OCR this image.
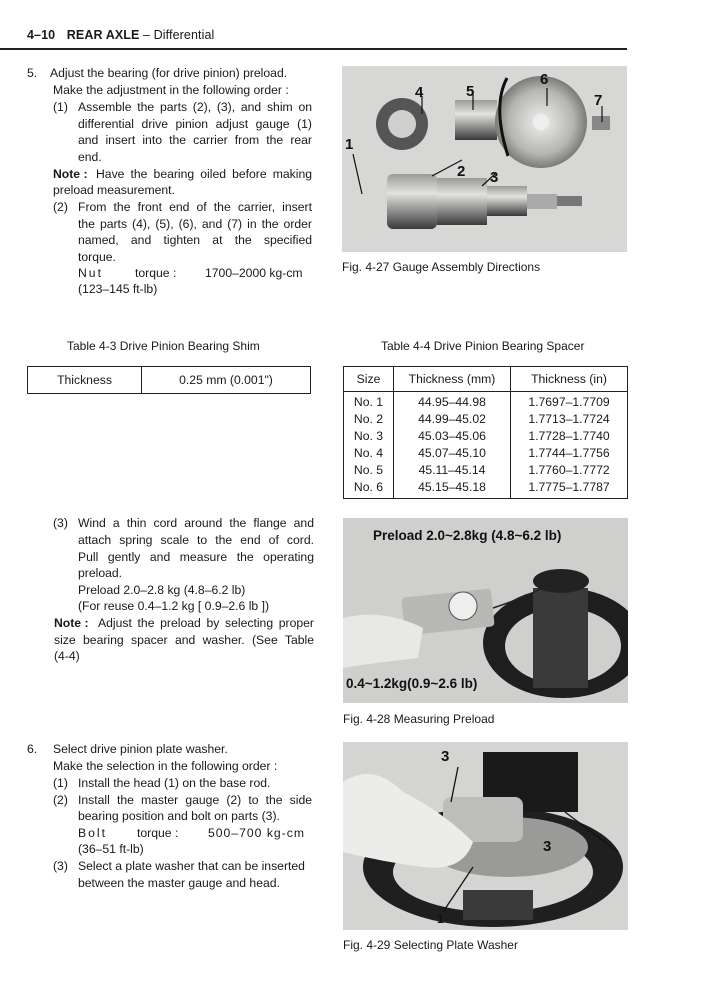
4–10 REAR AXLE – Differential
5. Adjust the bearing (for drive pinion) preload.
Make the adjustment in the following order :
(1) Assemble the parts (2), (3), and shim on
differential drive pinion adjust gauge (1)
and insert into the carrier from the rear
end.
Note : Have the bearing oiled before making
preload measurement.
(2) From the front end of the carrier, insert
the parts (4), (5), (6), and (7) in the order
named, and tighten at the specified
torque.
Nut	torque : 1700–2000 kg-cm
(123–145 ft-lb)
Table 4-3 Drive Pinion Bearing Shim
Thickness	0.25 mm (0.001")
Table 4-4 Drive Pinion Bearing Spacer
Size	Thickness (mm)	Thickness (in)
No. 1	44.95–44.98	1.7697–1.7709
No. 2	44.99–45.02	1.7713–1.7724
No. 3	45.03–45.06	1.7728–1.7740
No. 4	45.07–45.10	1.7744–1.7756
No. 5	45.11–45.14	1.7760–1.7772
No. 6	45.15–45.18	1.7775–1.7787
(3) Wind a thin cord around the flange and
attach spring scale to the end of cord.
Pull gently and measure the operating
preload.
Preload 2.0–2.8 kg (4.8–6.2 lb)
(For reuse 0.4–1.2 kg [ 0.9–2.6 lb ])
Note : Adjust the preload by selecting proper
size bearing spacer and washer. (See Table
(4-4)
6. Select drive pinion plate washer.
Make the selection in the following order :
(1) Install the head (1) on the base rod.
(2) Install the master gauge (2) to the side
bearing position and bolt on parts (3).
Bolt torque : 500–700 kg-cm
(36–51 ft-lb)
(3) Select a plate washer that can be inserted
between the master gauge and head.
1
2 3
4	5
6
7
Fig. 4-27 Gauge Assembly Directions
Preload 2.0~2.8kg (4.8~6.2 lb)
0.4~1.2kg(0.9~2.6 lb)
Fig. 4-28 Measuring Preload
3
3
1
Fig. 4-29 Selecting Plate Washer
